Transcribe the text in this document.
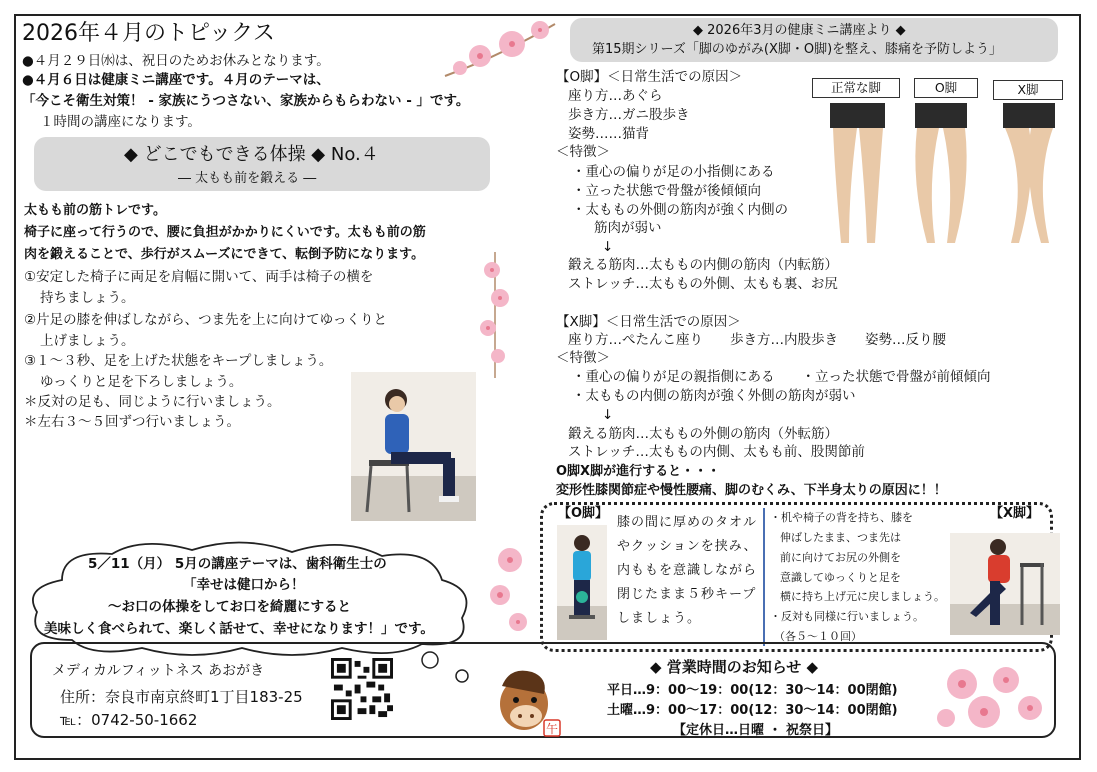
2026年４月のトピックス
●４月２９日㈬は、祝日のためお休みとなります。
●４月６日は健康ミニ講座です。４月のテーマは、
「今こそ衛生対策！ - 家族にうつさない、家族からもらわない - 」です。
１時間の講座になります。
◆ どこでもできる体操 ◆ No.４
― 太もも前を鍛える ―
太もも前の筋トレです。
椅子に座って行うので、腰に負担がかかりにくいです。太もも前の筋
肉を鍛えることで、歩行がスムーズにできて、転倒予防になります。
①安定した椅子に両足を肩幅に開いて、両手は椅子の横を
持ちましょう。
②片足の膝を伸ばしながら、つま先を上に向けてゆっくりと
上げましょう。
③１～３秒、足を上げた状態をキープしましょう。
ゆっくりと足を下ろしましょう。
＊反対の足も、同じように行いましょう。
＊左右３～５回ずつ行いましょう。
5／11（月） 5月の講座テーマは、歯科衛生士の
「幸せは健口から！
～お口の体操をしてお口を綺麗にすると
美味しく食べられて、楽しく話せて、幸せになります！」です。
◆ 2026年3月の健康ミニ講座より ◆
第15期シリーズ「脚のゆがみ(X脚・O脚)を整え、膝痛を予防しよう」
【O脚】＜日常生活での原因＞
座り方…あぐら
歩き方…ガニ股歩き
姿勢……猫背
＜特徴＞
・重心の偏りが足の小指側にある
・立った状態で骨盤が後傾傾向
・太ももの外側の筋肉が強く内側の
筋肉が弱い
↓
鍛える筋肉…太ももの内側の筋肉（内転筋）
ストレッチ…太ももの外側、太もも裏、お尻
正常な脚	O脚	X脚
【X脚】＜日常生活での原因＞
座り方…ぺたんこ座り　　歩き方…内股歩き　　姿勢…反り腰
＜特徴＞
・重心の偏りが足の親指側にある　　・立った状態で骨盤が前傾傾向
・太ももの内側の筋肉が強く外側の筋肉が弱い
↓
鍛える筋肉…太ももの外側の筋肉（外転筋）
ストレッチ…太ももの内側、太もも前、股関節前
O脚X脚が進行すると・・・
変形性膝関節症や慢性腰痛、脚のむくみ、下半身太りの原因に！！
【O脚】
膝の間に厚めのタオル
やクッションを挟み、
内ももを意識しながら
閉じたまま５秒キープ
しましょう。
・机や椅子の背を持ち、膝を
伸ばしたまま、つま先は
前に向けてお尻の外側を
意識してゆっくりと足を
横に持ち上げ元に戻しましょう。
・反対も同様に行いましょう。
（各５～１０回）
【X脚】
メディカルフィットネス あおがき
住所：奈良市南京終町1丁目183-25
℡：0742-50-1662	午
◆ 営業時間のお知らせ ◆
平日…9：00～19：00(12：30～14：00閉館)
土曜…9：00～17：00(12：30～14：00閉館)
【定休日…日曜 ・ 祝祭日】
